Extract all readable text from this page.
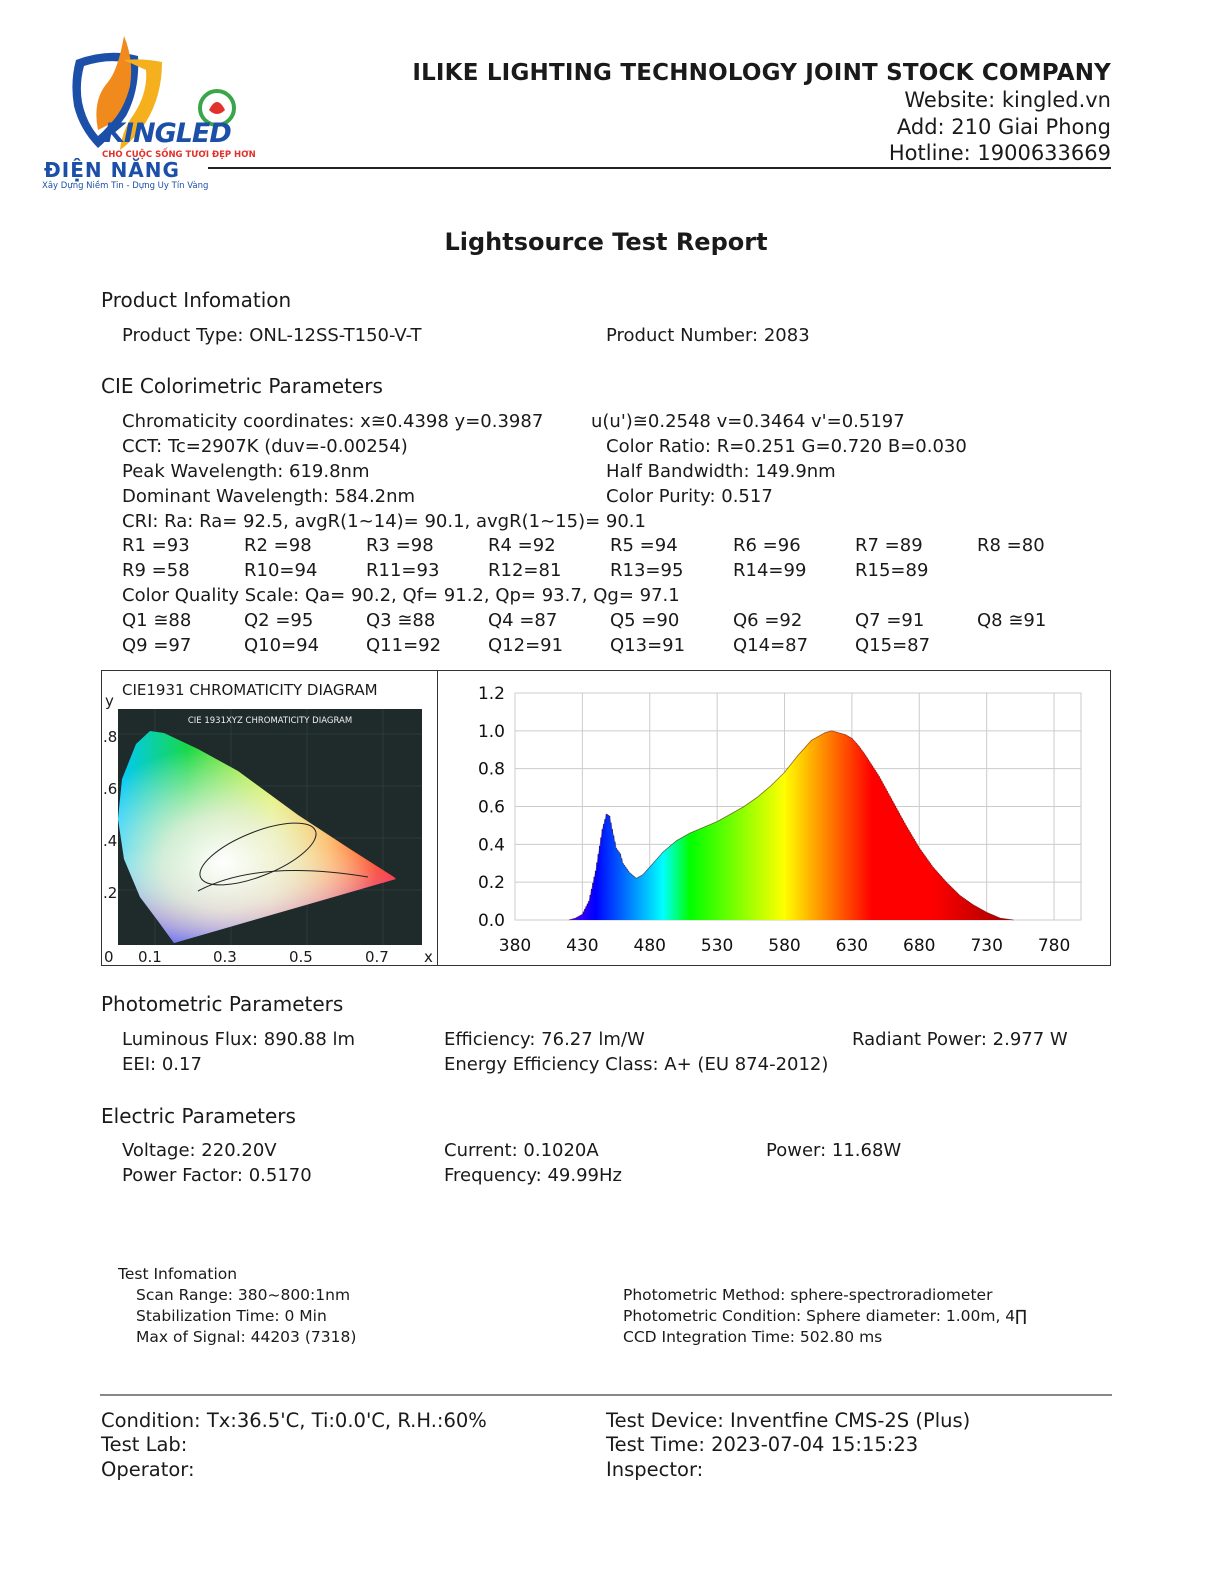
KINGLED
CHO CUỘC SỐNG TƯƠI ĐẸP HƠN
ĐIỆN NĂNG
Xây Dựng Niềm Tin - Dựng Uy Tín Vàng
ILIKE LIGHTING TECHNOLOGY JOINT STOCK COMPANY
Website: kingled.vn
Add: 210 Giai Phong
Hotline: 1900633669
Lightsource Test Report
Product Infomation
Product Type: ONL-12SS-T150-V-T	Product Number: 2083
CIE Colorimetric Parameters
Chromaticity coordinates: x≅0.4398 y=0.3987	u(u')≅0.2548 v=0.3464 v'=0.5197
CCT: Tc=2907K (duv=-0.00254)	Color Ratio: R=0.251 G=0.720 B=0.030
Peak Wavelength: 619.8nm	Half Bandwidth: 149.9nm
Dominant Wavelength: 584.2nm	Color Purity: 0.517
CRI: Ra: Ra= 92.5, avgR(1~14)= 90.1, avgR(1~15)= 90.1
R1 =93	R2 =98	R3 =98	R4 =92	R5 =94	R6 =96	R7 =89	R8 =80
R9 =58	R10=94	R11=93	R12=81	R13=95	R14=99	R15=89
Color Quality Scale: Qa= 90.2, Qf= 91.2, Qp= 93.7, Qg= 97.1
Q1 ≅88	Q2 =95	Q3 ≅88	Q4 =87	Q5 =90	Q6 =92	Q7 =91	Q8 ≅91
Q9 =97	Q10=94	Q11=92	Q12=91	Q13=91	Q14=87	Q15=87
CIE1931 CHROMATICITY DIAGRAM
y
x
.8
.6
.4
.2
0 0.1	0.3	0.5	0.7
CIE 1931XYZ CHROMATICITY DIAGRAM
0.0
0.2
0.4
0.6
0.8
1.0
1.2
380 430 480 530 580 630 680 730 780
Photometric Parameters
Luminous Flux: 890.88 lm	Efficiency: 76.27 lm/W	Radiant Power: 2.977 W
EEI: 0.17	Energy Efficiency Class: A+ (EU 874-2012)
Electric Parameters
Voltage: 220.20V	Current: 0.1020A	Power: 11.68W
Power Factor: 0.5170	Frequency: 49.99Hz
Test Infomation
Scan Range: 380~800:1nm
Stabilization Time: 0 Min
Max of Signal: 44203 (7318)
Photometric Method: sphere-spectroradiometer
Photometric Condition: Sphere diameter: 1.00m, 4∏
CCD Integration Time: 502.80 ms
Condition: Tx:36.5'C, Ti:0.0'C, R.H.:60%	Test Device: Inventfine CMS-2S (Plus)
Test Lab:	Test Time: 2023-07-04 15:15:23
Operator:	Inspector:
